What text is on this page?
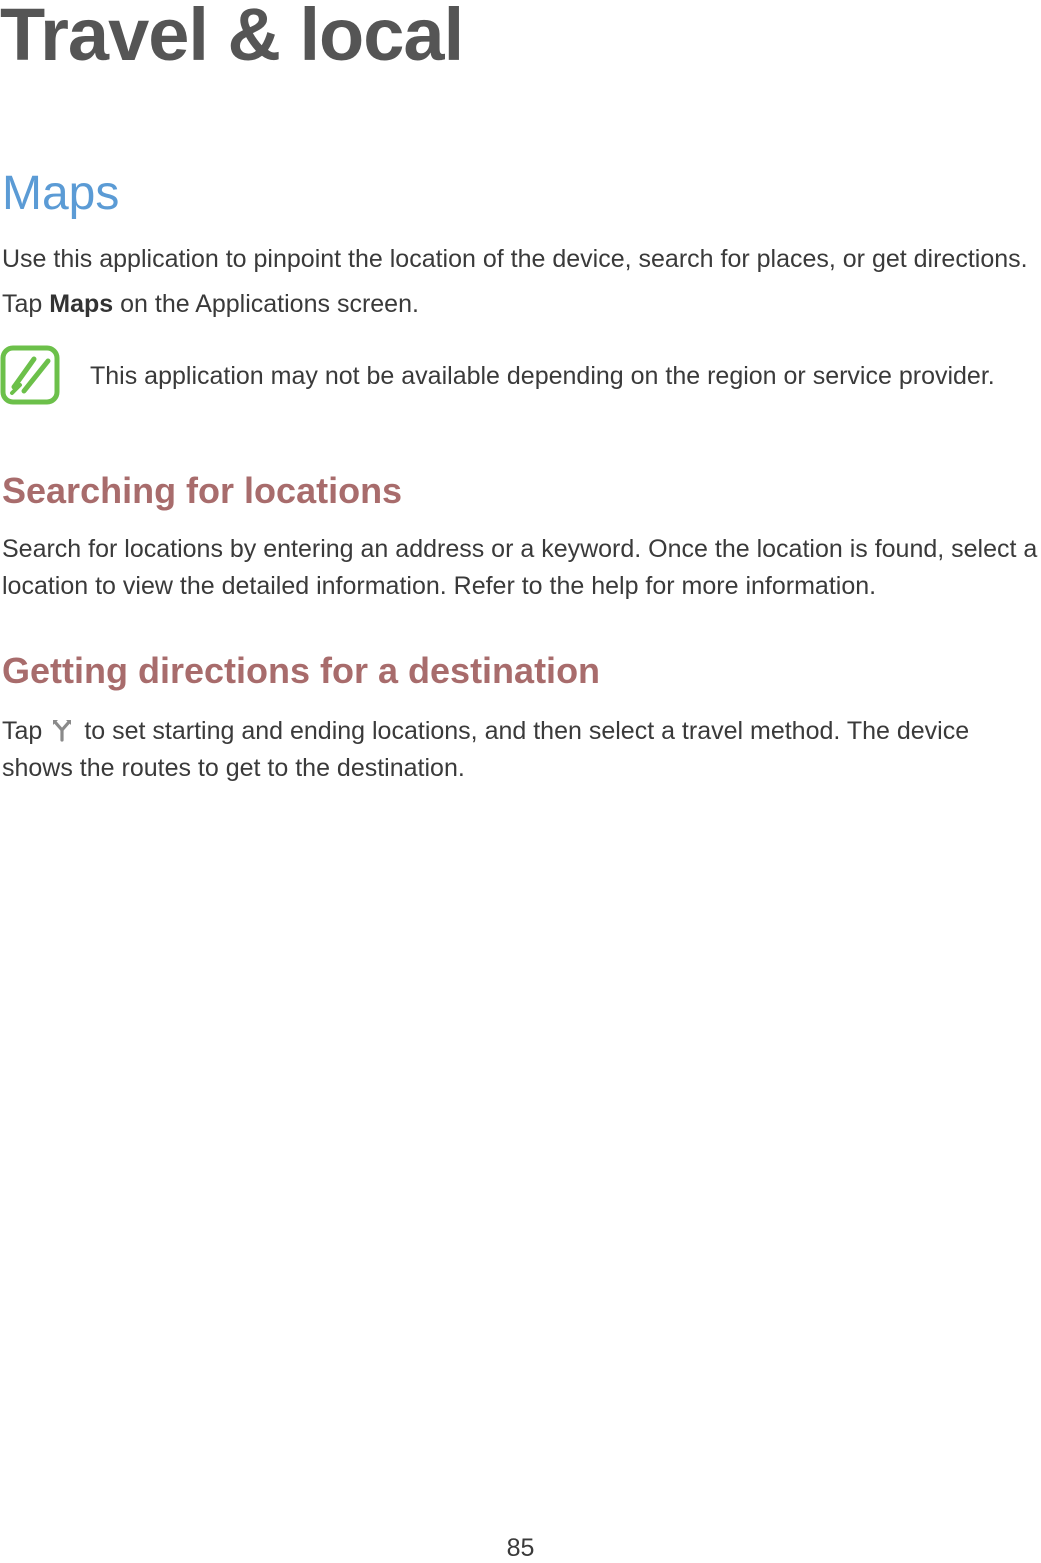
Travel & local
Maps

Use this application to pinpoint the location of the device, search for places, or get directions.

Tap Maps on the Applications screen.

This application may not be available depending on the region or service provider.

Searching for locations

Search for locations by entering an address or a keyword. Once the location is found, select a

location to view the detailed information. Refer to the help for more information.

Getting directions for a destination

Tap to set starting and ending locations, and then select a travel method. The device

shows the routes to get to the destination.

85
